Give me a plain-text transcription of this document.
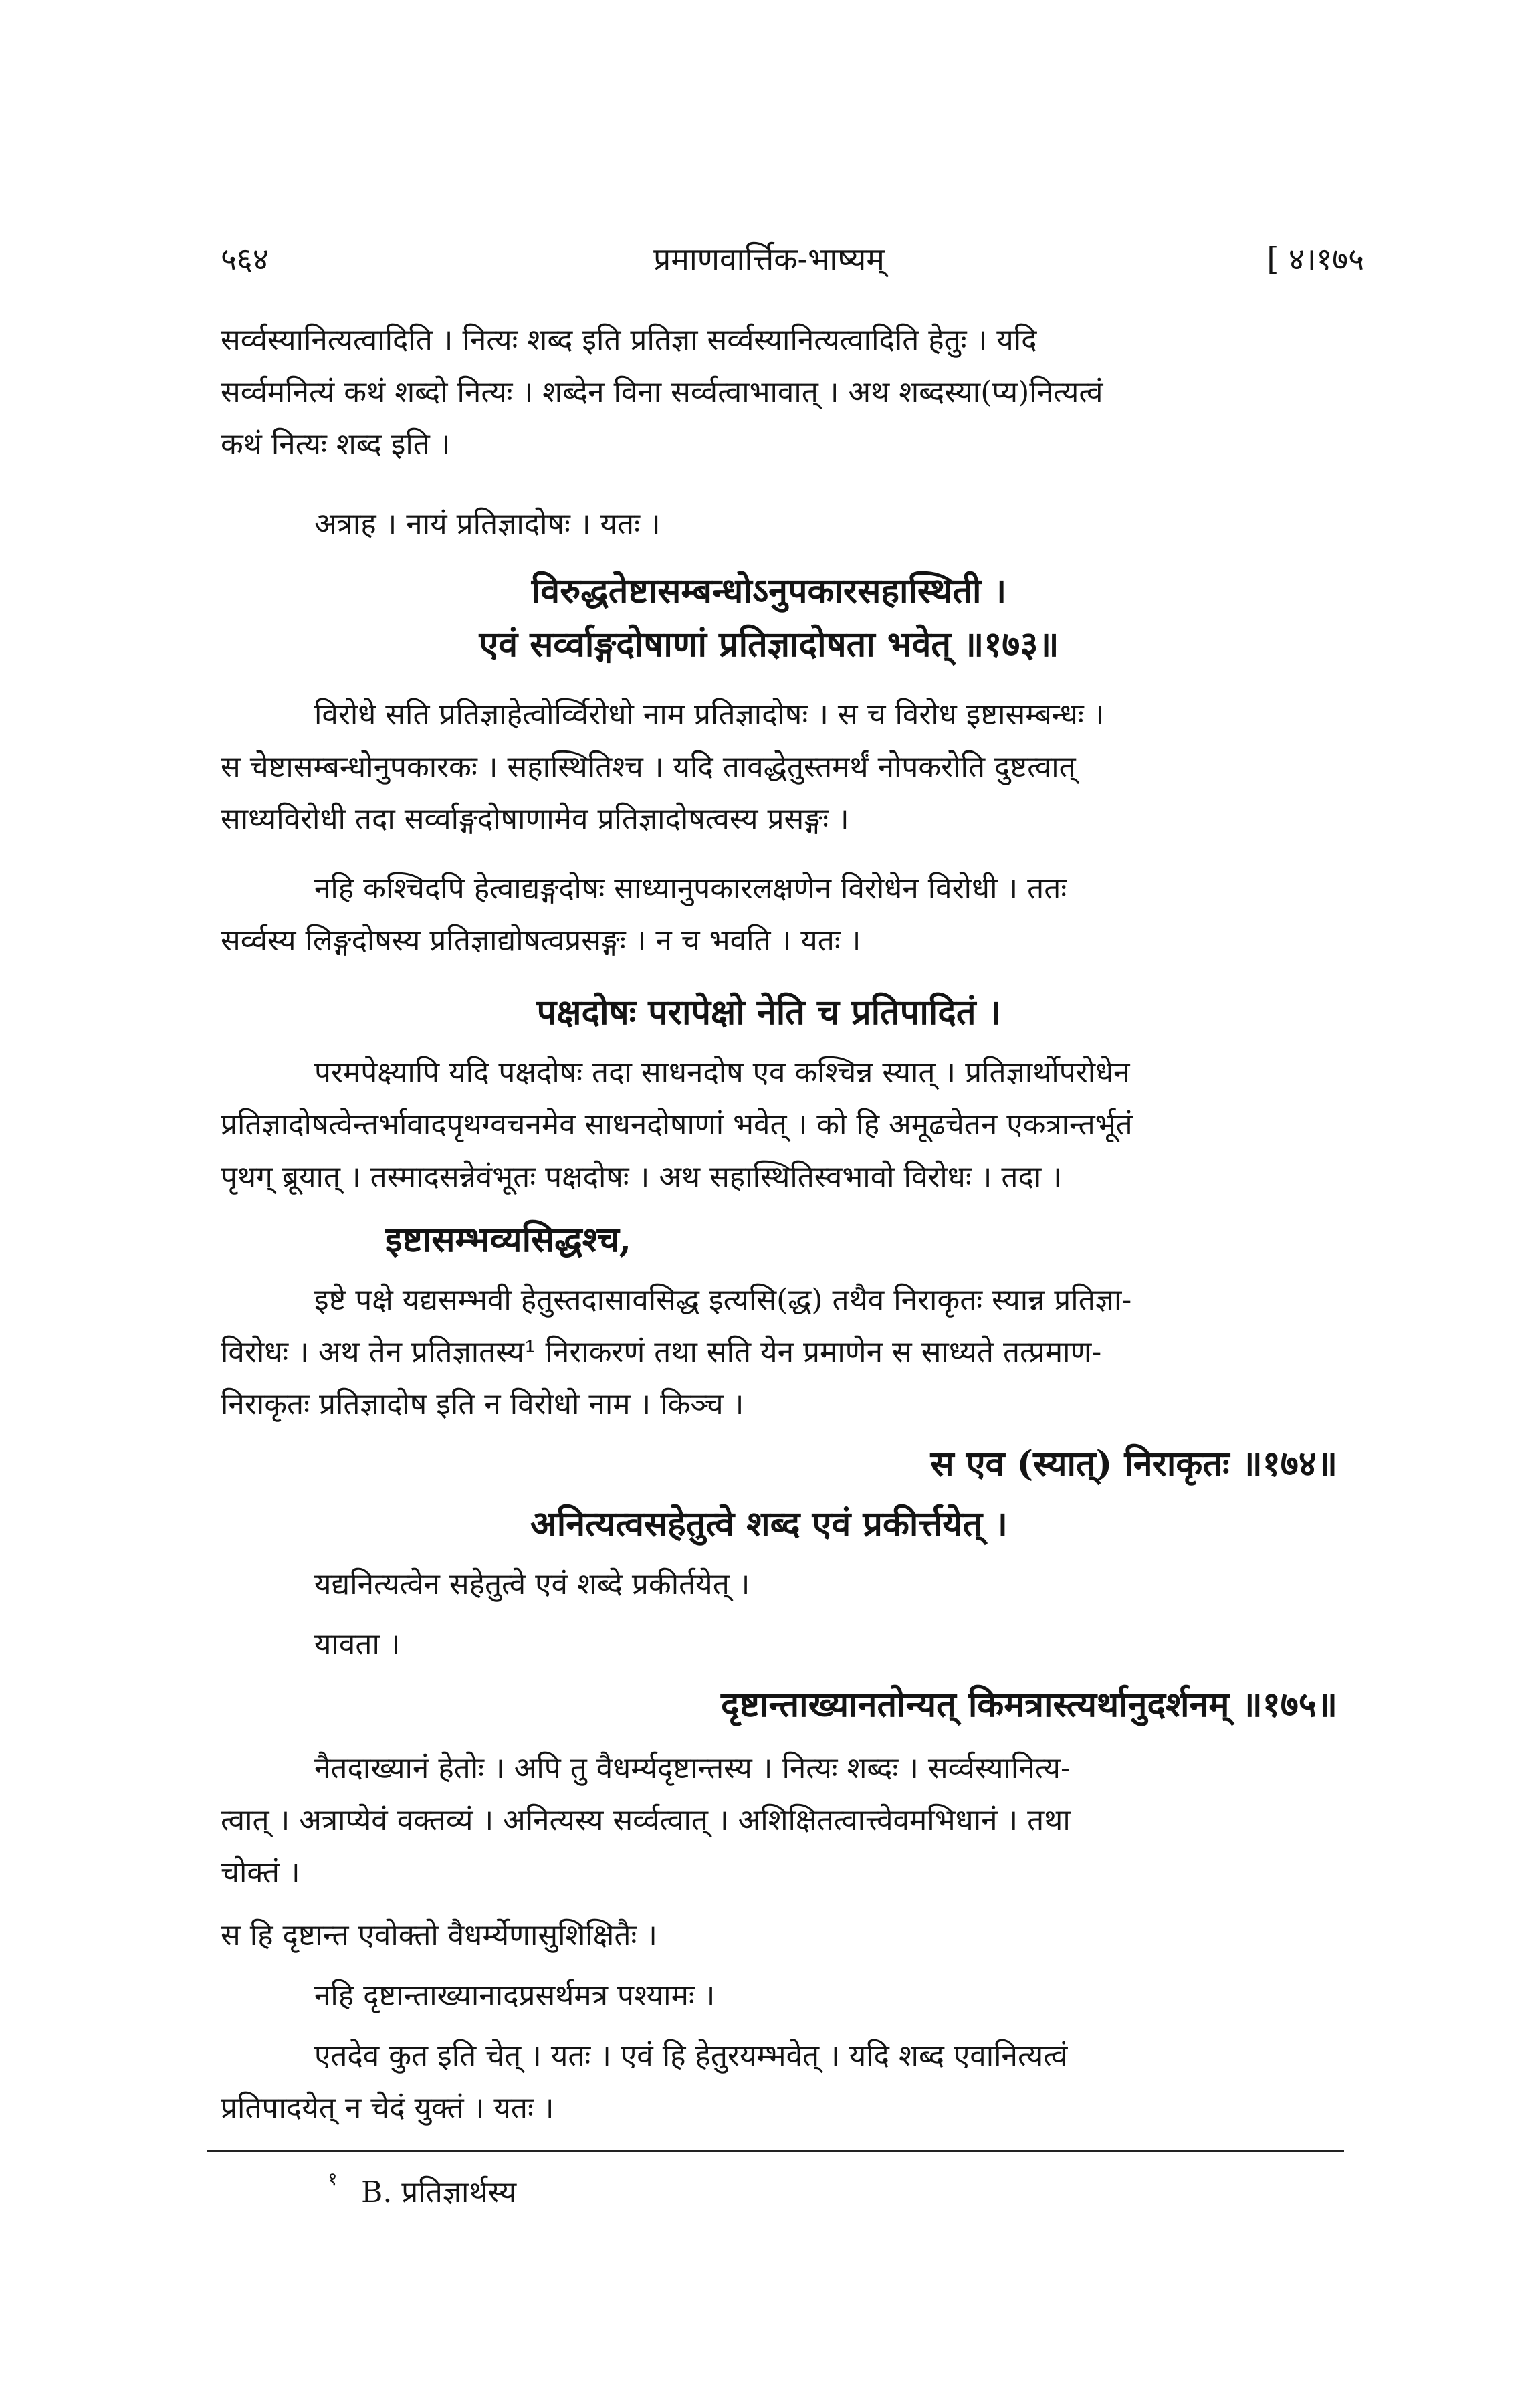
५६४	प्रमाणवार्त्तिक-भाष्यम्	[ ४।१७५
सर्व्वस्यानित्यत्वादिति । नित्यः शब्द इति प्रतिज्ञा सर्व्वस्यानित्यत्वादिति हेतुः । यदि
सर्व्वमनित्यं कथं शब्दो नित्यः । शब्देन विना सर्व्वत्वाभावात् । अथ शब्दस्या(प्य)नित्यत्वं
कथं नित्यः शब्द इति ।
अत्राह । नायं प्रतिज्ञादोषः । यतः ।
विरुद्धतेष्टासम्बन्धोऽनुपकारसहास्थिती ।
एवं सर्व्वाङ्गदोषाणां प्रतिज्ञादोषता भवेत् ॥१७३॥
विरोधे सति प्रतिज्ञाहेत्वोर्व्विरोधो नाम प्रतिज्ञादोषः । स च विरोध इष्टासम्बन्धः ।
स चेष्टासम्बन्धोनुपकारकः । सहास्थितिश्च । यदि तावद्धेतुस्तमर्थं नोपकरोति दुष्टत्वात्
साध्यविरोधी तदा सर्व्वाङ्गदोषाणामेव प्रतिज्ञादोषत्वस्य प्रसङ्गः ।
नहि कश्चिदपि हेत्वाद्यङ्गदोषः साध्यानुपकारलक्षणेन विरोधेन विरोधी । ततः
सर्व्वस्य लिङ्गदोषस्य प्रतिज्ञाद्योषत्वप्रसङ्गः । न च भवति । यतः ।
पक्षदोषः परापेक्षो नेति च प्रतिपादितं ।
परमपेक्ष्यापि यदि पक्षदोषः तदा साधनदोष एव कश्चिन्न स्यात् । प्रतिज्ञार्थोपरोधेन
प्रतिज्ञादोषत्वेन्तर्भावादपृथग्वचनमेव साधनदोषाणां भवेत् । को हि अमूढचेतन एकत्रान्तर्भूतं
पृथग् ब्रूयात् । तस्मादसन्नेवंभूतः पक्षदोषः । अथ सहास्थितिस्वभावो विरोधः । तदा ।
इष्टासम्भव्यसिद्धश्च,
इष्टे पक्षे यद्यसम्भवी हेतुस्तदासावसिद्ध इत्यसि(द्ध) तथैव निराकृतः स्यान्न प्रतिज्ञा-
विरोधः । अथ तेन प्रतिज्ञातस्य¹ निराकरणं तथा सति येन प्रमाणेन स साध्यते तत्प्रमाण-
निराकृतः प्रतिज्ञादोष इति न विरोधो नाम । किञ्च ।
स एव (स्यात्) निराकृतः ॥१७४॥
अनित्यत्वसहेतुत्वे शब्द एवं प्रकीर्त्तयेत् ।
यद्यनित्यत्वेन सहेतुत्वे एवं शब्दे प्रकीर्तयेत् ।
यावता ।
दृष्टान्ताख्यानतोन्यत् किमत्रास्त्यर्थानुदर्शनम् ॥१७५॥
नैतदाख्यानं हेतोः । अपि तु वैधर्म्यदृष्टान्तस्य । नित्यः शब्दः । सर्व्वस्यानित्य-
त्वात् । अत्राप्येवं वक्तव्यं । अनित्यस्य सर्व्वत्वात् । अशिक्षितत्वात्त्वेवमभिधानं । तथा
चोक्तं ।
स हि दृष्टान्त एवोक्तो वैधर्म्येणासुशिक्षितैः ।
नहि दृष्टान्ताख्यानादप्रसर्थमत्र पश्यामः ।
एतदेव कुत इति चेत् । यतः । एवं हि हेतुरयम्भवेत् । यदि शब्द एवानित्यत्वं
प्रतिपादयेत् न चेदं युक्तं । यतः ।
१ B. प्रतिज्ञार्थस्य
